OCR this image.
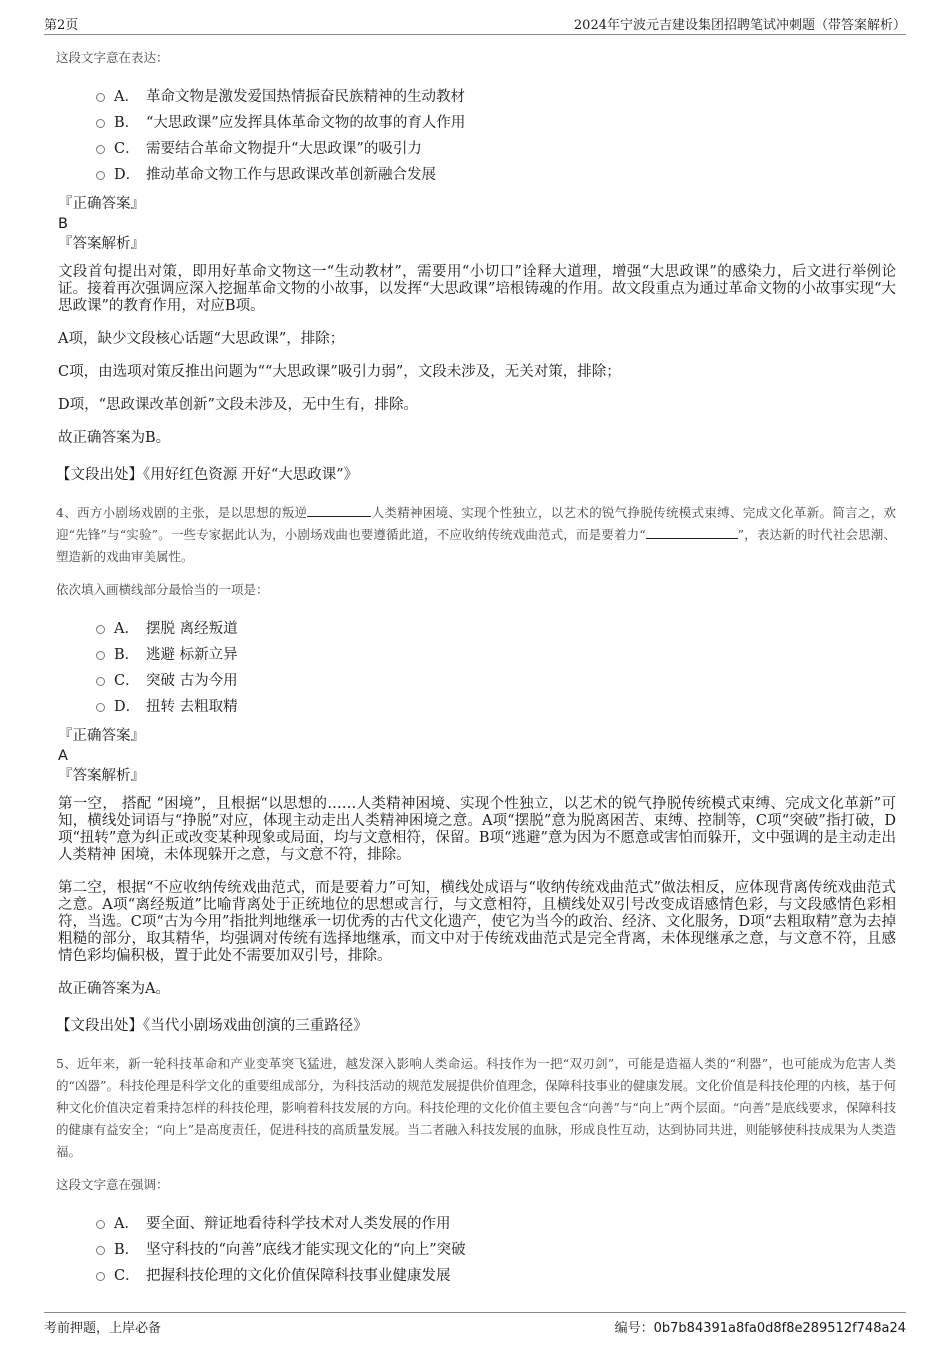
第2页	2024年宁波元吉建设集团招聘笔试冲刺题（带答案解析）
这段文字意在表达：
A． 革命文物是激发爱国热情振奋民族精神的生动教材
B． “大思政课”应发挥具体革命文物的故事的育人作用
C． 需要结合革命文物提升“大思政课”的吸引力
D． 推动革命文物工作与思政课改革创新融合发展
『正确答案』
B
『答案解析』

文段首句提出对策，即用好革命文物这一“生动教材”，需要用“小切口”诠释大道理，增强“大思政课”的感染力，后文进行举例论证。接着再次强调应深入挖掘革命文物的小故事，以发挥“大思政课”培根铸魂的作用。故文段重点为通过革命文物的小故事实现“大思政课”的教育作用，对应B项。

A项，缺少文段核心话题“大思政课”，排除；

C项，由选项对策反推出问题为““大思政课”吸引力弱”，文段未涉及，无关对策，排除；

D项，“思政课改革创新”文段未涉及，无中生有，排除。

故正确答案为B。

【文段出处】《用好红色资源 开好“大思政课”》
4、西方小剧场戏剧的主张，是以思想的叛逆	人类精神困境、实现个性独立，以艺术的锐气挣脱传统模式束缚、完成文化革新。简言之，欢迎“先锋”与“实验”。一些专家据此认为，小剧场戏曲也要遵循此道，不应收纳传统戏曲范式，而是要着力“	”，表达新的时代社会思潮、塑造新的戏曲审美属性。
依次填入画横线部分最恰当的一项是：
A． 摆脱 离经叛道
B． 逃避 标新立异
C． 突破 古为今用
D． 扭转 去粗取精
『正确答案』
A
『答案解析』

第一空， 搭配 “困境”，且根据“以思想的……人类精神困境、实现个性独立，以艺术的锐气挣脱传统模式束缚、完成文化革新”可知，横线处词语与“挣脱”对应，体现主动走出人类精神困境之意。A项“摆脱”意为脱离困苦、束缚、控制等，C项“突破”指打破，D项“扭转”意为纠正或改变某种现象或局面，均与文意相符，保留。B项“逃避”意为因为不愿意或害怕而躲开，文中强调的是主动走出 人类精神 困境，未体现躲开之意，与文意不符，排除。

第二空，根据“不应收纳传统戏曲范式，而是要着力”可知，横线处成语与“收纳传统戏曲范式”做法相反，应体现背离传统戏曲范式之意。A项“离经叛道”比喻背离处于正统地位的思想或言行，与文意相符，且横线处双引号改变成语感情色彩，与文段感情色彩相符，当选。C项“古为今用”指批判地继承一切优秀的古代文化遗产，使它为当今的政治、经济、文化服务，D项“去粗取精”意为去掉粗糙的部分，取其精华，均强调对传统有选择地继承，而文中对于传统戏曲范式是完全背离，未体现继承之意，与文意不符，且感情色彩均偏积极，置于此处不需要加双引号，排除。

故正确答案为A。

【文段出处】《当代小剧场戏曲创演的三重路径》
5、近年来，新一轮科技革命和产业变革突飞猛进，越发深入影响人类命运。科技作为一把“双刃剑”，可能是造福人类的“利器”，也可能成为危害人类的“凶器”。科技伦理是科学文化的重要组成部分，为科技活动的规范发展提供价值理念，保障科技事业的健康发展。文化价值是科技伦理的内核，基于何种文化价值决定着秉持怎样的科技伦理，影响着科技发展的方向。科技伦理的文化价值主要包含“向善”与“向上”两个层面。“向善”是底线要求，保障科技的健康有益安全；“向上”是高度责任，促进科技的高质量发展。当二者融入科技发展的血脉，形成良性互动，达到协同共进，则能够使科技成果为人类造福。
这段文字意在强调：
A． 要全面、辩证地看待科学技术对人类发展的作用
B． 坚守科技的“向善”底线才能实现文化的“向上”突破
C． 把握科技伦理的文化价值保障科技事业健康发展
考前押题，上岸必备	编号：0b7b84391a8fa0d8f8e289512f748a24
